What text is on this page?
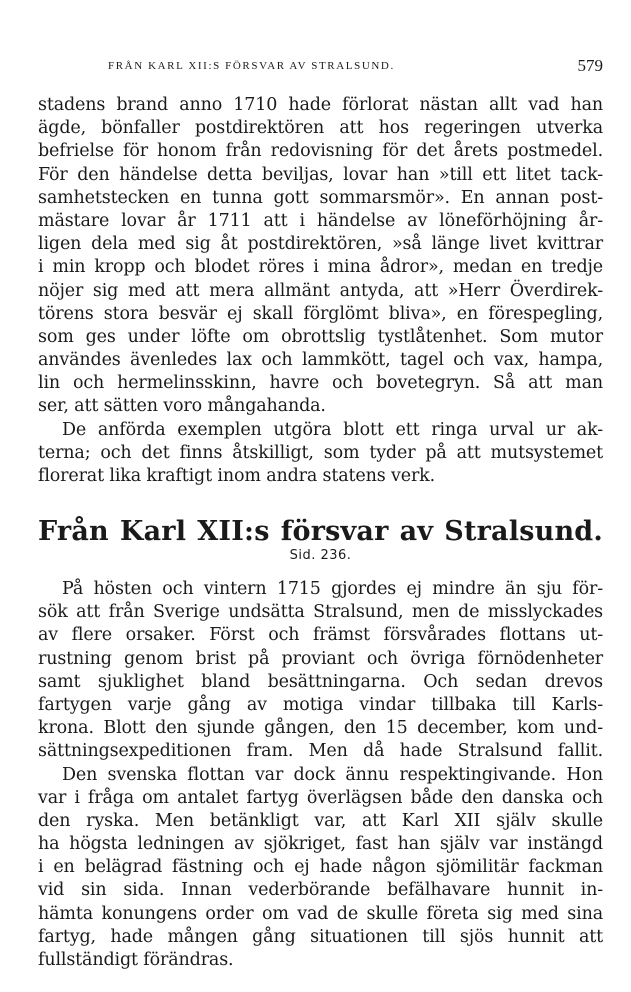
FRÅN KARL XII:S FÖRSVAR AV STRALSUND.	579
stadens brand anno 1710 hade förlorat nästan allt vad han
ägde, bönfaller postdirektören att hos regeringen utverka
befrielse för honom från redovisning för det årets postmedel.
För den händelse detta beviljas, lovar han »till ett litet tack-
samhetstecken en tunna gott sommarsmör». En annan post-
mästare lovar år 1711 att i händelse av löneförhöjning år-
ligen dela med sig åt postdirektören, »så länge livet kvittrar
i min kropp och blodet röres i mina ådror», medan en tredje
nöjer sig med att mera allmänt antyda, att »Herr Överdirek-
törens stora besvär ej skall förglömt bliva», en förespegling,
som ges under löfte om obrottslig tystlåtenhet. Som mutor
användes ävenledes lax och lammkött, tagel och vax, hampa,
lin och hermelinsskinn, havre och bovetegryn. Så att man
ser, att sätten voro mångahanda.
De anförda exemplen utgöra blott ett ringa urval ur ak-
terna; och det finns åtskilligt, som tyder på att mutsystemet
florerat lika kraftigt inom andra statens verk.
Från Karl XII:s försvar av Stralsund.
Sid. 236.
På hösten och vintern 1715 gjordes ej mindre än sju för-
sök att från Sverige undsätta Stralsund, men de misslyckades
av flere orsaker. Först och främst försvårades flottans ut-
rustning genom brist på proviant och övriga förnödenheter
samt sjuklighet bland besättningarna. Och sedan drevos
fartygen varje gång av motiga vindar tillbaka till Karls-
krona. Blott den sjunde gången, den 15 december, kom und-
sättningsexpeditionen fram. Men då hade Stralsund fallit.
Den svenska flottan var dock ännu respektingivande. Hon
var i fråga om antalet fartyg överlägsen både den danska och
den ryska. Men betänkligt var, att Karl XII själv skulle
ha högsta ledningen av sjökriget, fast han själv var instängd
i en belägrad fästning och ej hade någon sjömilitär fackman
vid sin sida. Innan vederbörande befälhavare hunnit in-
hämta konungens order om vad de skulle företa sig med sina
fartyg, hade mången gång situationen till sjös hunnit att
fullständigt förändras.
